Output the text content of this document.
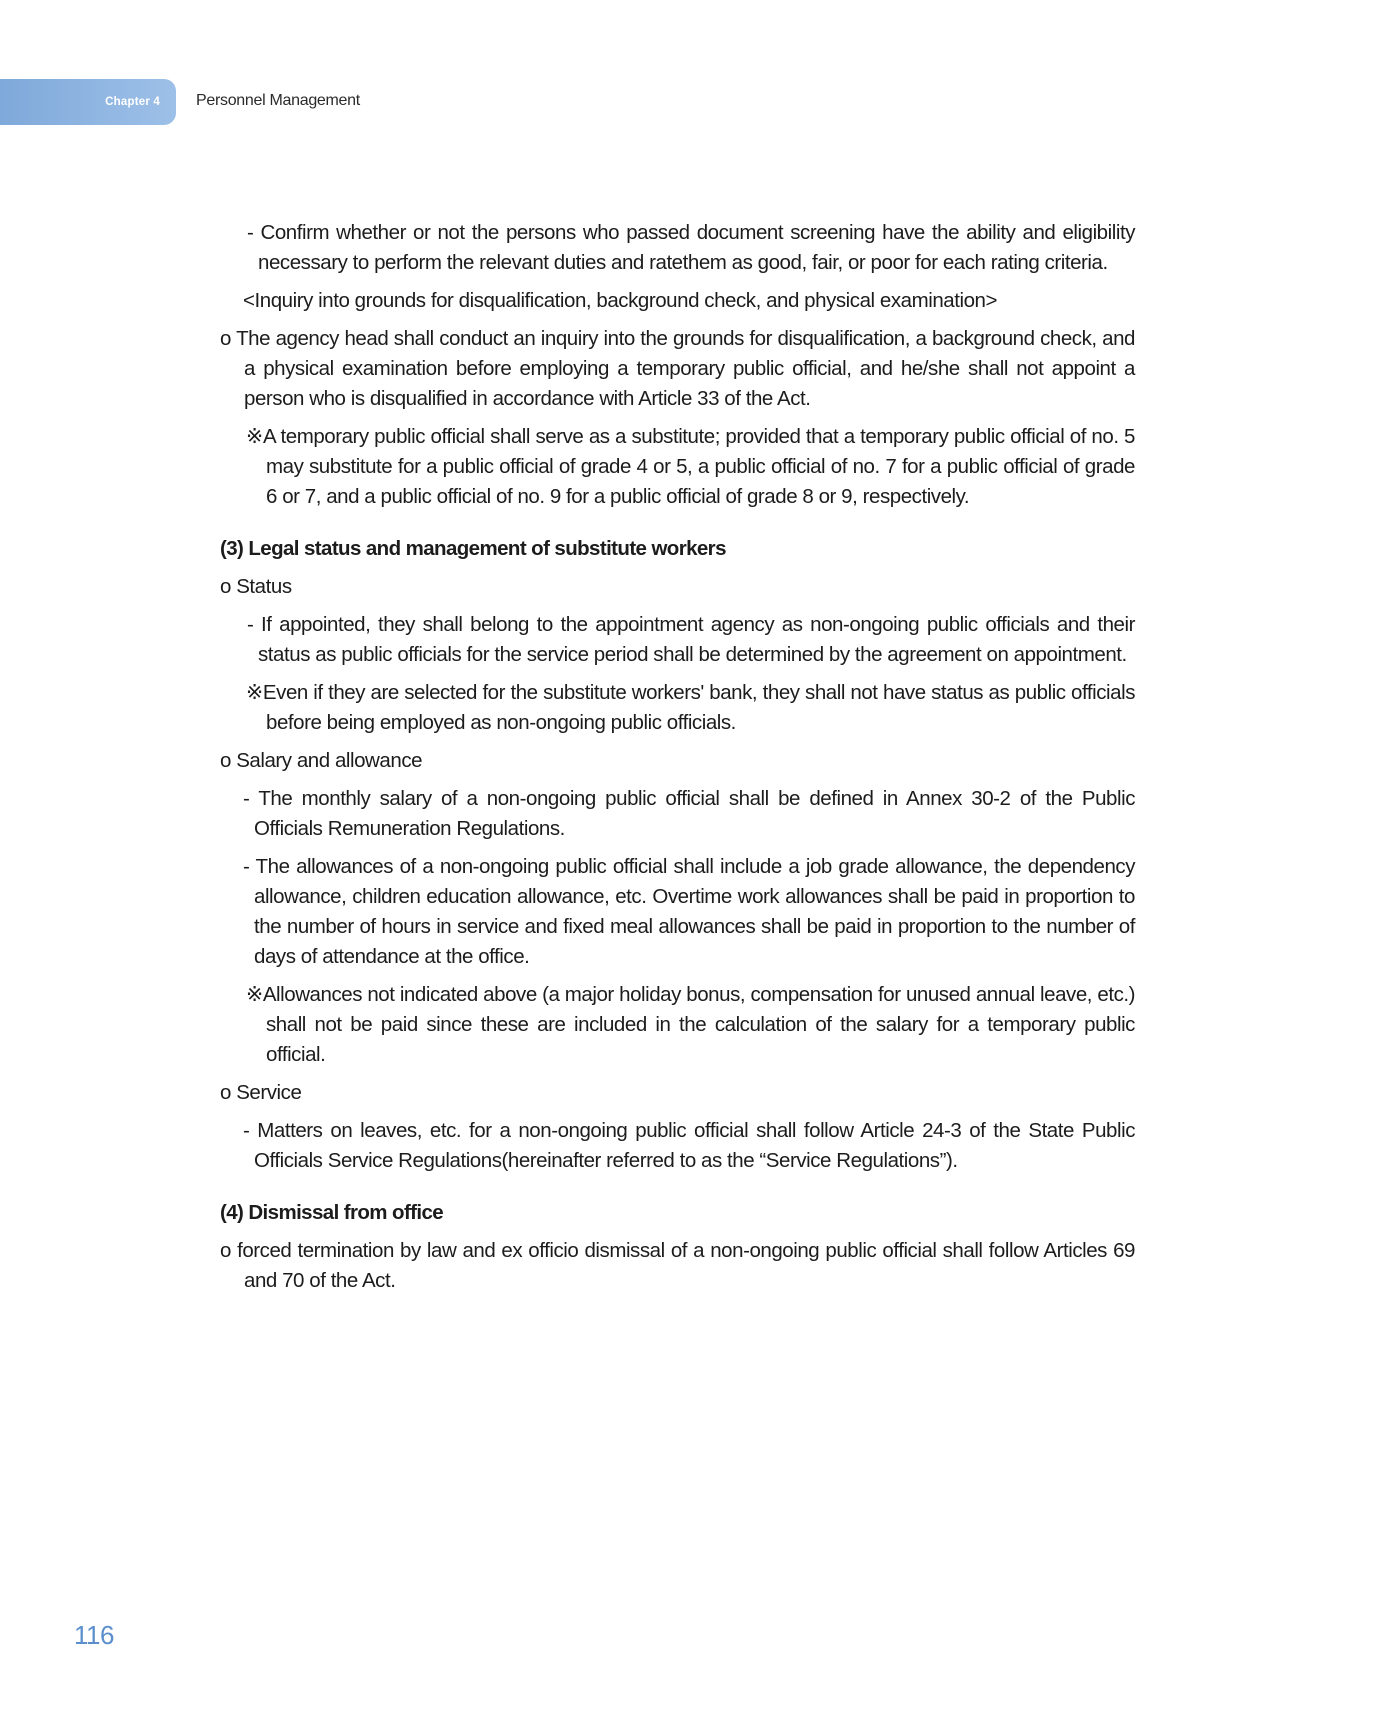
Chapter 4 Personnel Management

- Confirm whether or not the persons who passed document screening have the ability and eligibility necessary to perform the relevant duties and ratethem as good, fair, or poor for each rating criteria.

<Inquiry into grounds for disqualification, background check, and physical examination>

o The agency head shall conduct an inquiry into the grounds for disqualification, a background check, and a physical examination before employing a temporary public official, and he/she shall not appoint a person who is disqualified in accordance with Article 33 of the Act.

※A temporary public official shall serve as a substitute; provided that a temporary public official of no. 5 may substitute for a public official of grade 4 or 5, a public official of no. 7 for a public official of grade 6 or 7, and a public official of no. 9 for a public official of grade 8 or 9, respectively.

(3) Legal status and management of substitute workers

o Status

- If appointed, they shall belong to the appointment agency as non-ongoing public officials and their status as public officials for the service period shall be determined by the agreement on appointment.

※Even if they are selected for the substitute workers' bank, they shall not have status as public officials before being employed as non-ongoing public officials.

o Salary and allowance

- The monthly salary of a non-ongoing public official shall be defined in Annex 30-2 of the Public Officials Remuneration Regulations.

- The allowances of a non-ongoing public official shall include a job grade allowance, the dependency allowance, children education allowance, etc. Overtime work allowances shall be paid in proportion to the number of hours in service and fixed meal allowances shall be paid in proportion to the number of days of attendance at the office.

※Allowances not indicated above (a major holiday bonus, compensation for unused annual leave, etc.) shall not be paid since these are included in the calculation of the salary for a temporary public official.

o Service

- Matters on leaves, etc. for a non-ongoing public official shall follow Article 24-3 of the State Public Officials Service Regulations(hereinafter referred to as the “Service Regulations”).

(4) Dismissal from office

o forced termination by law and ex officio dismissal of a non-ongoing public official shall follow Articles 69 and 70 of the Act.

116
